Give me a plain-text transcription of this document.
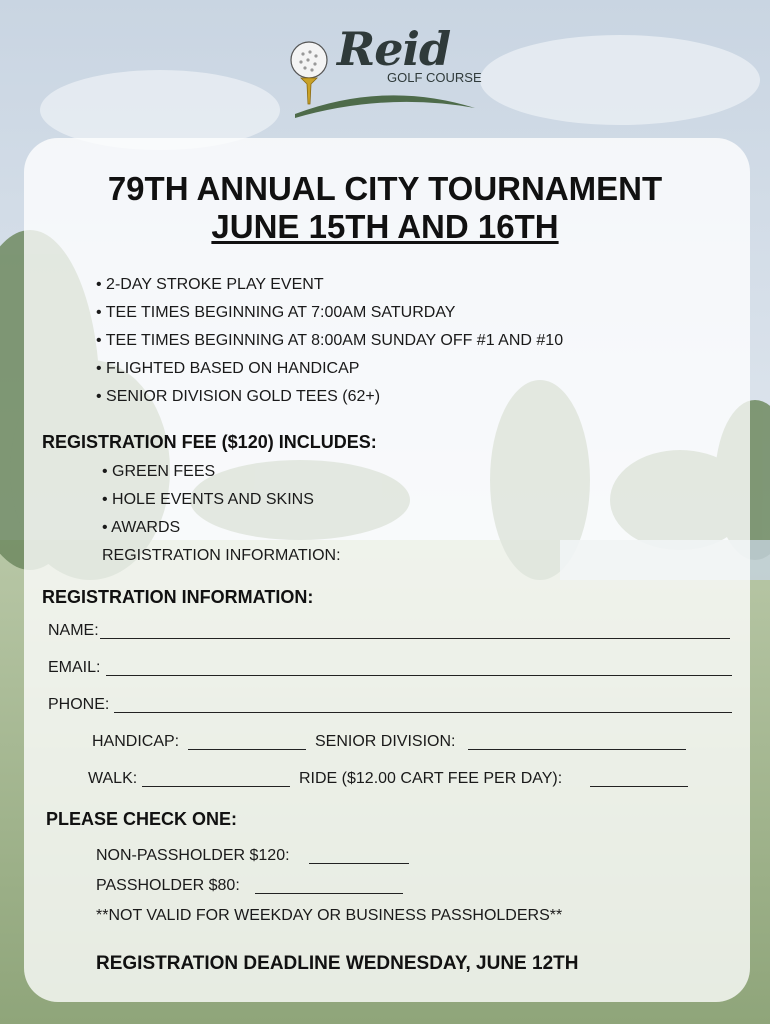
Reid
GOLF COURSE
79TH ANNUAL CITY TOURNAMENT
JUNE 15TH AND 16TH
• 2-DAY STROKE PLAY EVENT
• TEE TIMES BEGINNING AT 7:00AM SATURDAY
• TEE TIMES BEGINNING AT 8:00AM SUNDAY OFF #1 AND #10
• FLIGHTED BASED ON HANDICAP
• SENIOR DIVISION GOLD TEES (62+)
REGISTRATION FEE ($120) INCLUDES:
• GREEN FEES
• HOLE EVENTS AND SKINS
• AWARDS
REGISTRATION INFORMATION:
REGISTRATION INFORMATION:
NAME:
EMAIL:
PHONE:
HANDICAP:	SENIOR DIVISION:
WALK:	RIDE ($12.00 CART FEE PER DAY):
PLEASE CHECK ONE:
NON-PASSHOLDER $120:
PASSHOLDER $80:
**NOT VALID FOR WEEKDAY OR BUSINESS PASSHOLDERS**
REGISTRATION DEADLINE WEDNESDAY, JUNE 12TH
